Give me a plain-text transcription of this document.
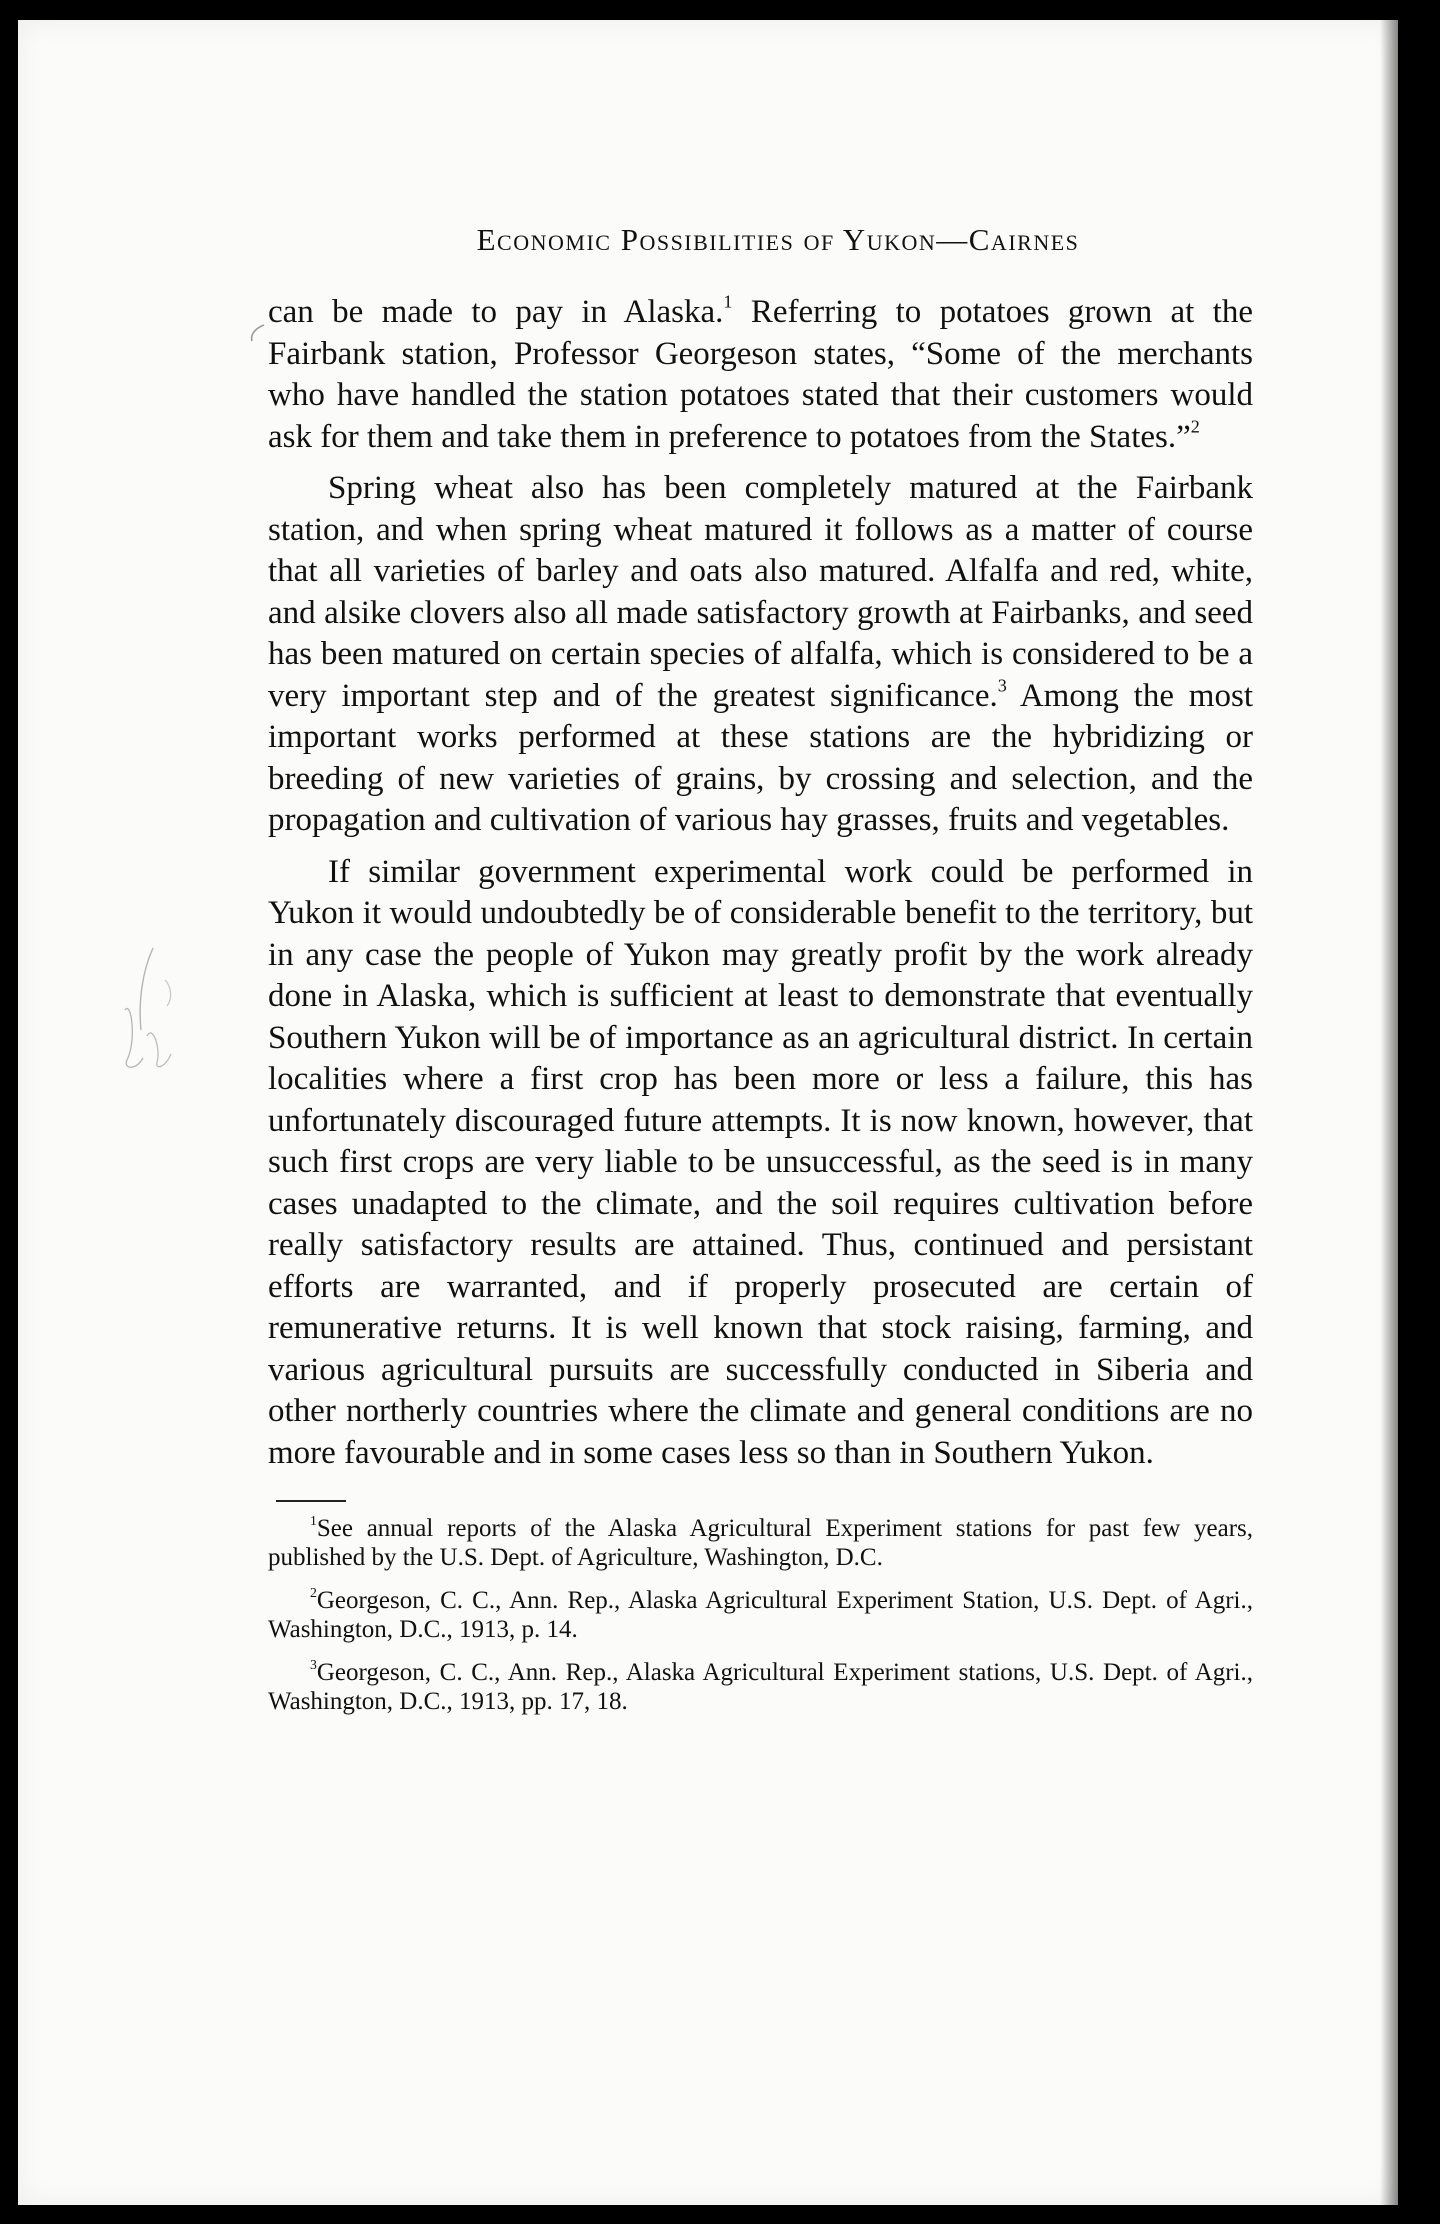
Economic Possibilities of Yukon—Cairnes

can be made to pay in Alaska.$^1$ Referring to potatoes grown at the Fairbank station, Professor Georgeson states, “Some of the merchants who have handled the station potatoes stated that their customers would ask for them and take them in preference to potatoes from the States.”$^2$

Spring wheat also has been completely matured at the Fairbank station, and when spring wheat matured it follows as a matter of course that all varieties of barley and oats also matured. Alfalfa and red, white, and alsike clovers also all made satisfactory growth at Fairbanks, and seed has been matured on certain species of alfalfa, which is considered to be a very important step and of the greatest significance.$^3$ Among the most important works performed at these stations are the hybridizing or breeding of new varieties of grains, by crossing and selection, and the propagation and cultivation of various hay grasses, fruits and vegetables.

If similar government experimental work could be performed in Yukon it would undoubtedly be of considerable benefit to the territory, but in any case the people of Yukon may greatly profit by the work already done in Alaska, which is sufficient at least to demonstrate that eventually Southern Yukon will be of importance as an agricultural district. In certain localities where a first crop has been more or less a failure, this has unfortunately discouraged future attempts. It is now known, however, that such first crops are very liable to be unsuccessful, as the seed is in many cases unadapted to the climate, and the soil requires cultivation before really satisfactory results are attained. Thus, continued and persistant efforts are warranted, and if properly prosecuted are certain of remunerative returns. It is well known that stock raising, farming, and various agricultural pursuits are successfully conducted in Siberia and other northerly countries where the climate and general conditions are no more favourable and in some cases less so than in Southern Yukon.

$^1$See annual reports of the Alaska Agricultural Experiment stations for past few years, published by the U.S. Dept. of Agriculture, Washington, D.C.

$^2$Georgeson, C. C., Ann. Rep., Alaska Agricultural Experiment Station, U.S. Dept. of Agri., Washington, D.C., 1913, p. 14.

$^3$Georgeson, C. C., Ann. Rep., Alaska Agricultural Experiment stations, U.S. Dept. of Agri., Washington, D.C., 1913, pp. 17, 18.
